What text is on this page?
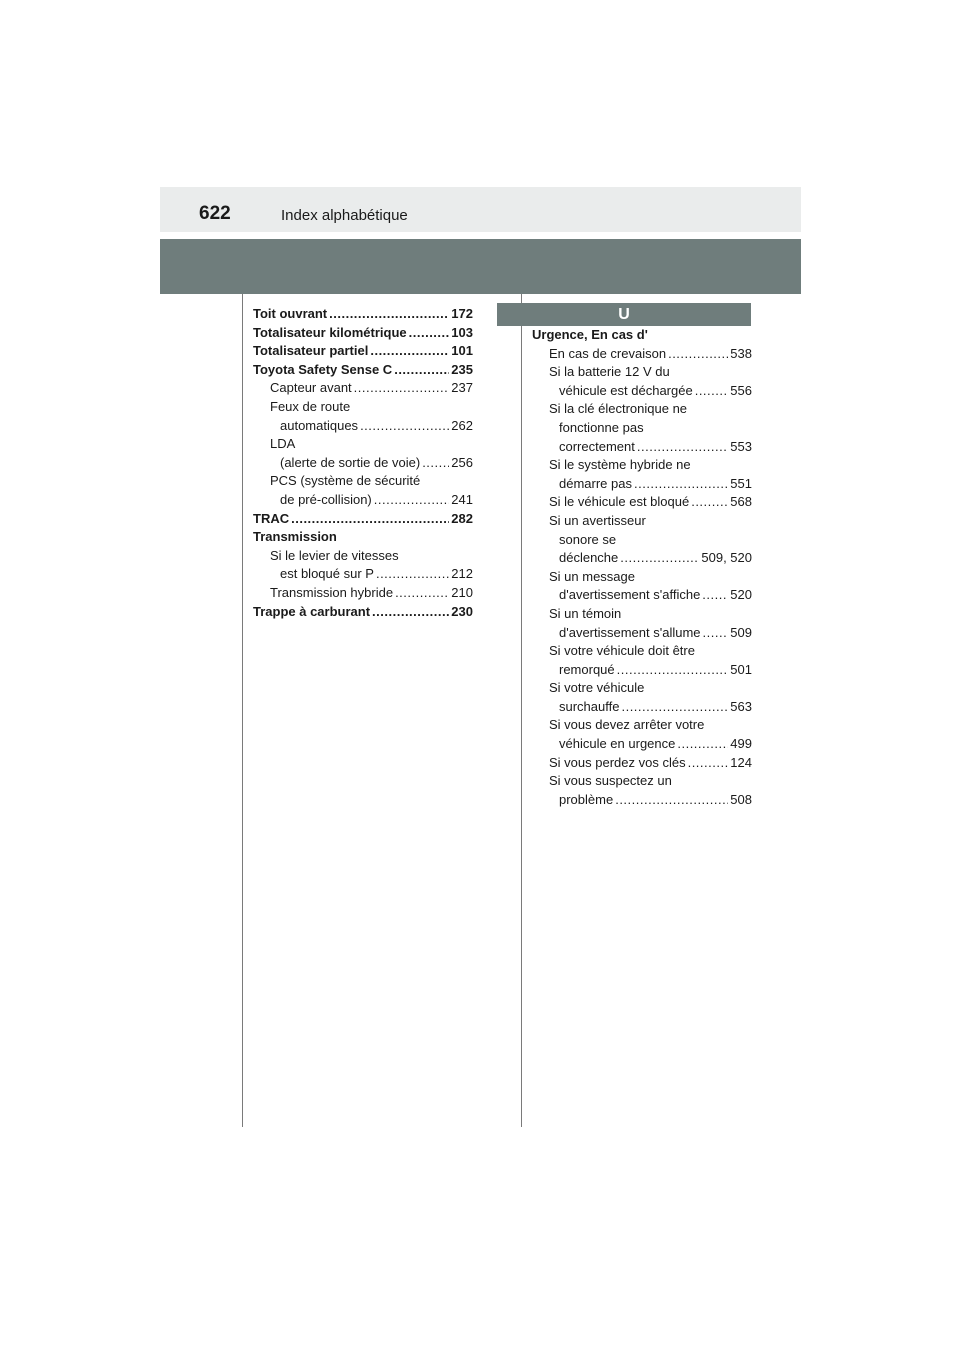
622	Index alphabétique
U
Toit ouvrant .....	172
Totalisateur kilométrique .....	103
Totalisateur partiel .....	101
Toyota Safety Sense C .....	235
Capteur avant .....	237
Feux de route
automatiques .....	262
LDA
(alerte de sortie de voie) ..... 256
PCS (système de sécurité
de pré-collision) .....	241
TRAC .....	282
Transmission
Si le levier de vitesses
est bloqué sur P .....	212
Transmission hybride .....	210
Trappe à carburant .....	230
Urgence, En cas d'
En cas de crevaison .....	538
Si la batterie 12 V du
véhicule est déchargée .....	556
Si la clé électronique ne
fonctionne pas
correctement .....	553
Si le système hybride ne
démarre pas .....	551
Si le véhicule est bloqué .....	568
Si un avertisseur
sonore se
déclenche .....	509, 520
Si un message
d'avertissement s'affiche ..... 520
Si un témoin
d'avertissement s'allume ..... 509
Si votre véhicule doit être
remorqué .....	501
Si votre véhicule
surchauffe .....	563
Si vous devez arrêter votre
véhicule en urgence .....	499
Si vous perdez vos clés .....	124
Si vous suspectez un
problème .....	508
